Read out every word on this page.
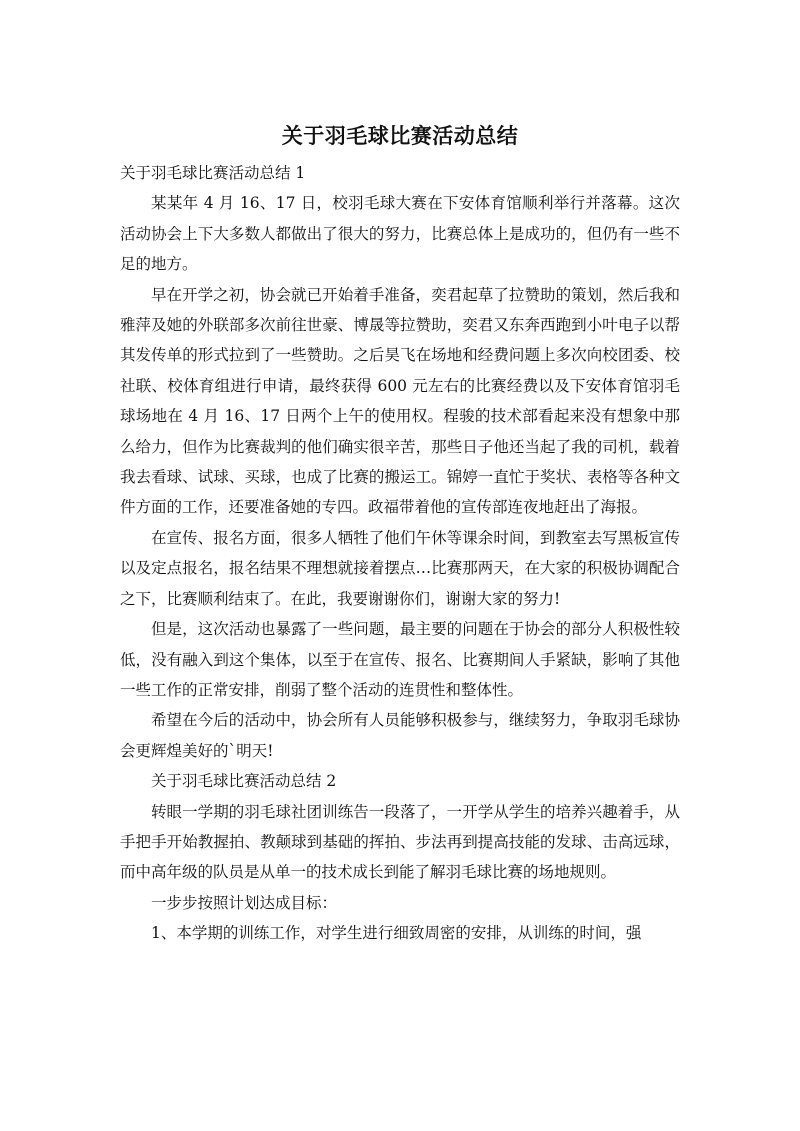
关于羽毛球比赛活动总结

关于羽毛球比赛活动总结 1

某某年 4 月 16、17 日，校羽毛球大赛在下安体育馆顺利举行并落幕。这次活动协会上下大多数人都做出了很大的努力，比赛总体上是成功的，但仍有一些不足的地方。

早在开学之初，协会就已开始着手准备，奕君起草了拉赞助的策划，然后我和雅萍及她的外联部多次前往世豪、博晟等拉赞助，奕君又东奔西跑到小叶电子以帮其发传单的形式拉到了一些赞助。之后昊飞在场地和经费问题上多次向校团委、校社联、校体育组进行申请，最终获得 600 元左右的比赛经费以及下安体育馆羽毛球场地在 4 月 16、17 日两个上午的使用权。程骏的技术部看起来没有想象中那么给力，但作为比赛裁判的他们确实很辛苦，那些日子他还当起了我的司机，载着我去看球、试球、买球，也成了比赛的搬运工。锦婷一直忙于奖状、表格等各种文件方面的工作，还要准备她的专四。政福带着他的宣传部连夜地赶出了海报。

在宣传、报名方面，很多人牺牲了他们午休等课余时间，到教室去写黑板宣传以及定点报名，报名结果不理想就接着摆点…比赛那两天，在大家的积极协调配合之下，比赛顺利结束了。在此，我要谢谢你们，谢谢大家的努力!

但是，这次活动也暴露了一些问题，最主要的问题在于协会的部分人积极性较低，没有融入到这个集体，以至于在宣传、报名、比赛期间人手紧缺，影响了其他一些工作的正常安排，削弱了整个活动的连贯性和整体性。

希望在今后的活动中，协会所有人员能够积极参与，继续努力，争取羽毛球协会更辉煌美好的`明天!

关于羽毛球比赛活动总结 2

转眼一学期的羽毛球社团训练告一段落了，一开学从学生的培养兴趣着手，从手把手开始教握拍、教颠球到基础的挥拍、步法再到提高技能的发球、击高远球，而中高年级的队员是从单一的技术成长到能了解羽毛球比赛的场地规则。

一步步按照计划达成目标：

1、本学期的训练工作，对学生进行细致周密的安排，从训练的时间，强
